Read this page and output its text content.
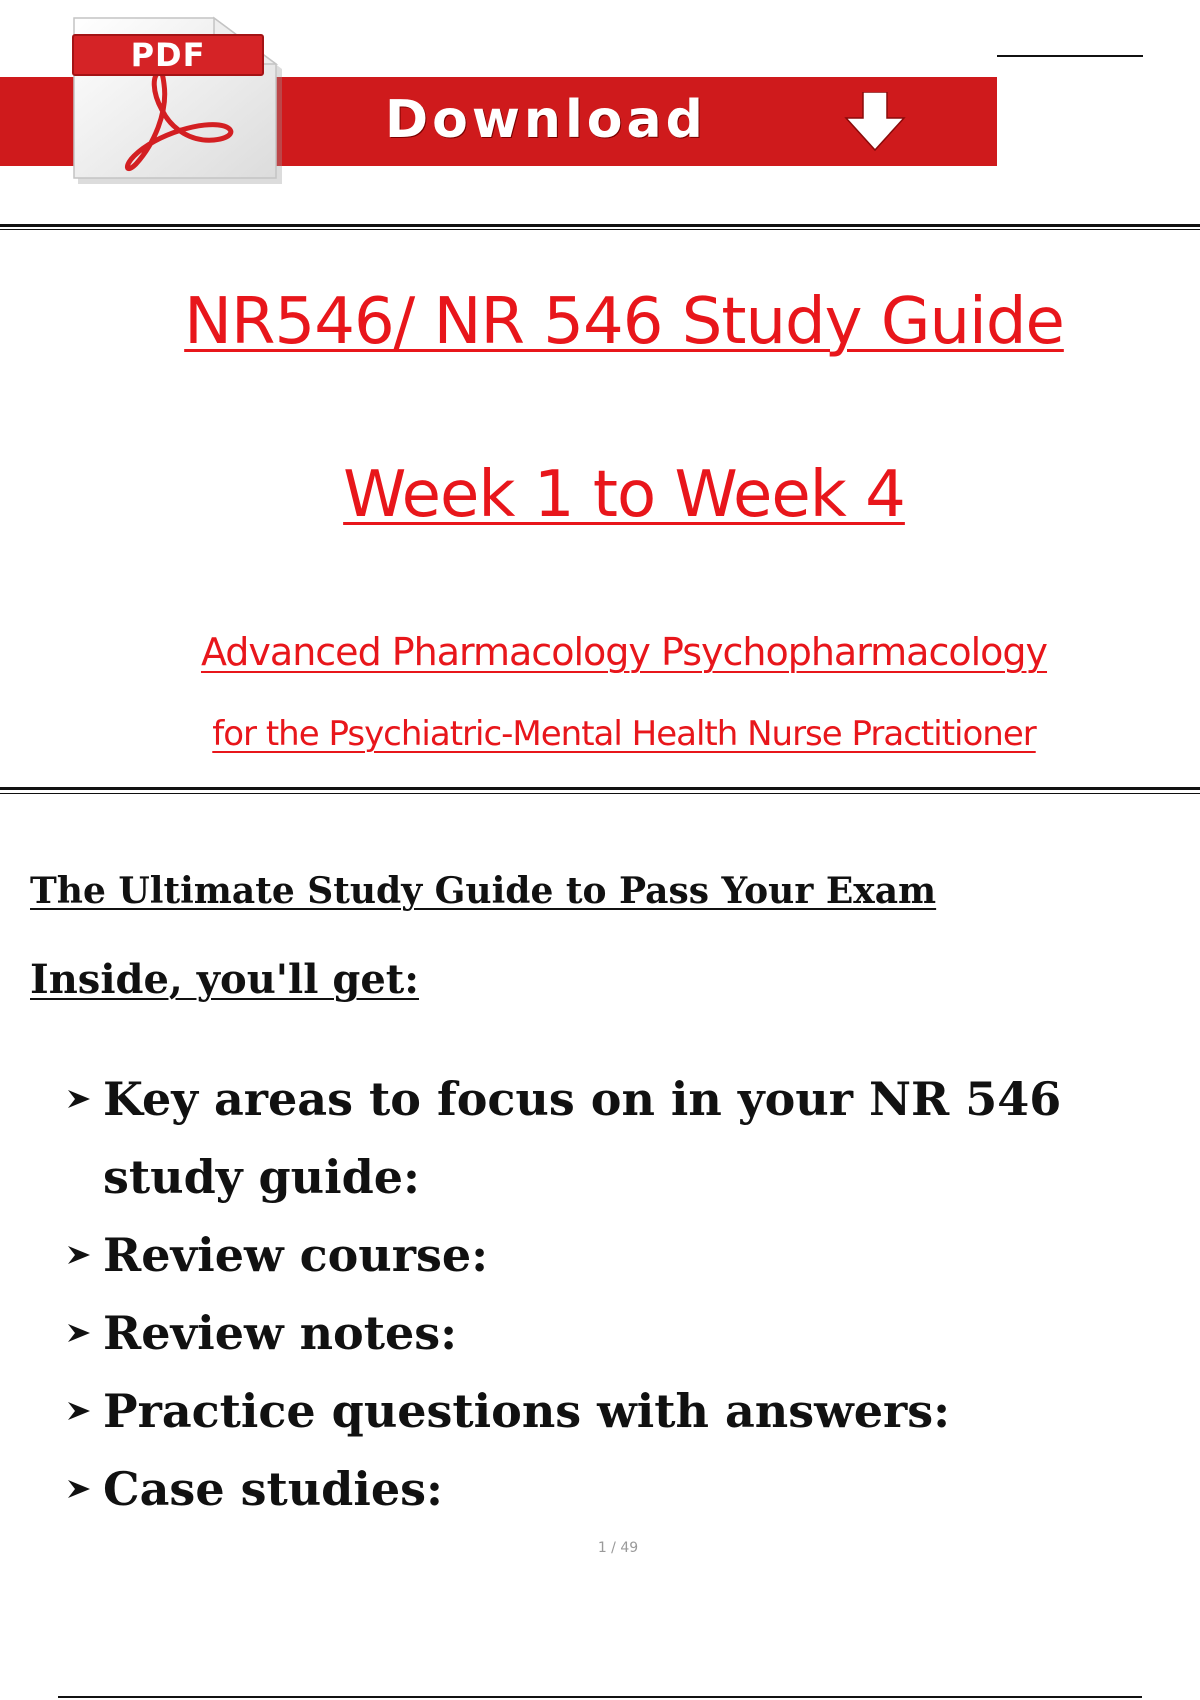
Download
PDF
NR546/ NR 546 Study Guide
Week 1 to Week 4
Advanced Pharmacology Psychopharmacology
for the Psychiatric-Mental Health Nurse Practitioner
The Ultimate Study Guide to Pass Your Exam
Inside, you'll get:
Key areas to focus on in your NR 546 study guide:
Review course:
Review notes:
Practice questions with answers:
Case studies:
1 / 49
